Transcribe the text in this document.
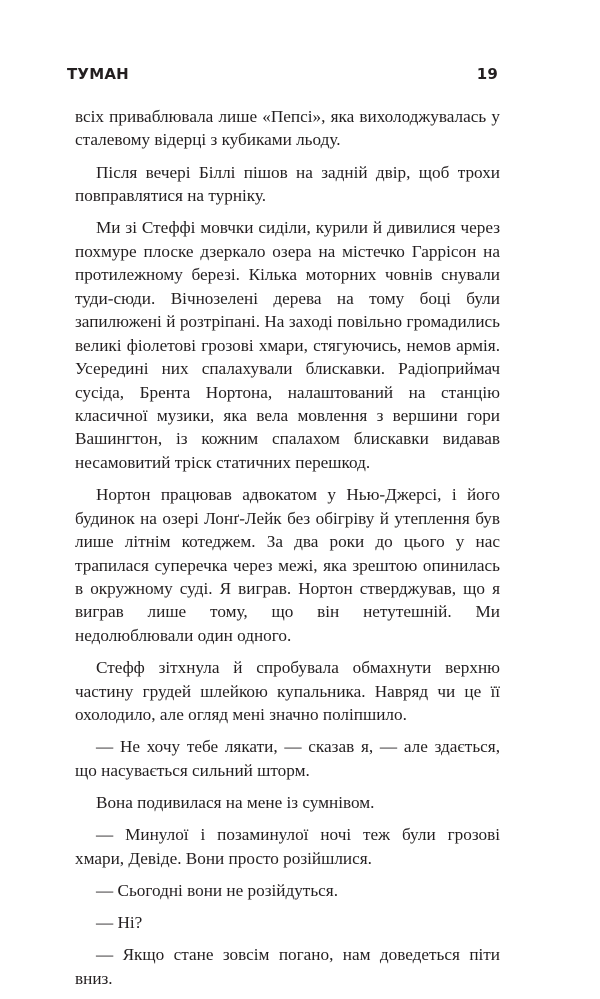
ТУМАН	19

всіх приваблювала лише «Пепсі», яка вихолоджувалась у сталевому відерці з кубиками льоду.

Після вечері Біллі пішов на задній двір, щоб трохи повправлятися на турніку.

Ми зі Стеффі мовчки сиділи, курили й дивилися через похмуре плоске дзеркало озера на містечко Гаррісон на протилежному березі. Кілька моторних човнів снували туди-сюди. Вічнозелені дерева на тому боці були запилюжені й розтріпані. На заході повільно громадились великі фіолетові грозові хмари, стягуючись, немов армія. Усередині них спалахували блискавки. Радіоприймач сусіда, Брента Нортона, налаштований на станцію класичної музики, яка вела мовлення з вершини гори Вашингтон, із кожним спалахом блискавки видавав несамовитий тріск статичних перешкод.

Нортон працював адвокатом у Нью-Джерсі, і його будинок на озері Лонґ-Лейк без обігріву й утеплення був лише літнім котеджем. За два роки до цього у нас трапилася суперечка через межі, яка зрештою опинилась в окружному суді. Я виграв. Нортон стверджував, що я виграв лише тому, що він нетутешній. Ми недолюблювали один одного.

Стефф зітхнула й спробувала обмахнути верхню частину грудей шлейкою купальника. Навряд чи це її охолодило, але огляд мені значно поліпшило.

— Не хочу тебе лякати, — сказав я, — але здається, що насувається сильний шторм.

Вона подивилася на мене із сумнівом.

— Минулої і позаминулої ночі теж були грозові хмари, Девіде. Вони просто розійшлися.

— Сьогодні вони не розійдуться.

— Ні?

— Якщо стане зовсім погано, нам доведеться піти вниз.
